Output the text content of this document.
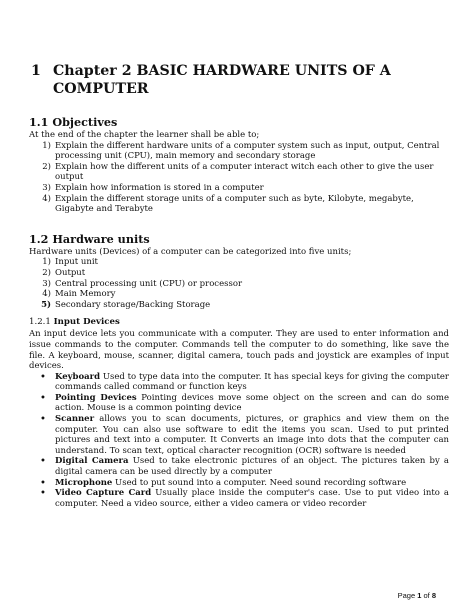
1 Chapter 2 BASIC HARDWARE UNITS OF A
COMPUTER
1.1 Objectives
At the end of the chapter the learner shall be able to;
1) Explain the different hardware units of a computer system such as input, output, Central processing unit (CPU), main memory and secondary storage
2) Explain how the different units of a computer interact witch each other to give the user output
3) Explain how information is stored in a computer
4) Explain the different storage units of a computer such as byte, Kilobyte, megabyte, Gigabyte and Terabyte
1.2 Hardware units
Hardware units (Devices) of a computer can be categorized into five units;
1) Input unit
2) Output
3) Central processing unit (CPU) or processor
4) Main Memory
5) Secondary storage/Backing Storage
1.2.1 Input Devices
An input device lets you communicate with a computer. They are used to enter information and issue commands to the computer. Commands tell the computer to do something, like save the file. A keyboard, mouse, scanner, digital camera, touch pads and joystick are examples of input devices.
•	Keyboard Used to type data into the computer. It has special keys for giving the computer commands called command or function keys
•	Pointing Devices Pointing devices move some object on the screen and can do some action. Mouse is a common pointing device
•	Scanner allows you to scan documents, pictures, or graphics and view them on the computer. You can also use software to edit the items you scan. Used to put printed pictures and text into a computer. It Converts an image into dots that the computer can understand. To scan text, optical character recognition (OCR) software is needed
•	Digital Camera Used to take electronic pictures of an object. The pictures taken by a digital camera can be used directly by a computer
•	Microphone Used to put sound into a computer. Need sound recording software
•	Video Capture Card Usually place inside the computer's case. Use to put video into a computer. Need a video source, either a video camera or video recorder
Page 1 of 8
